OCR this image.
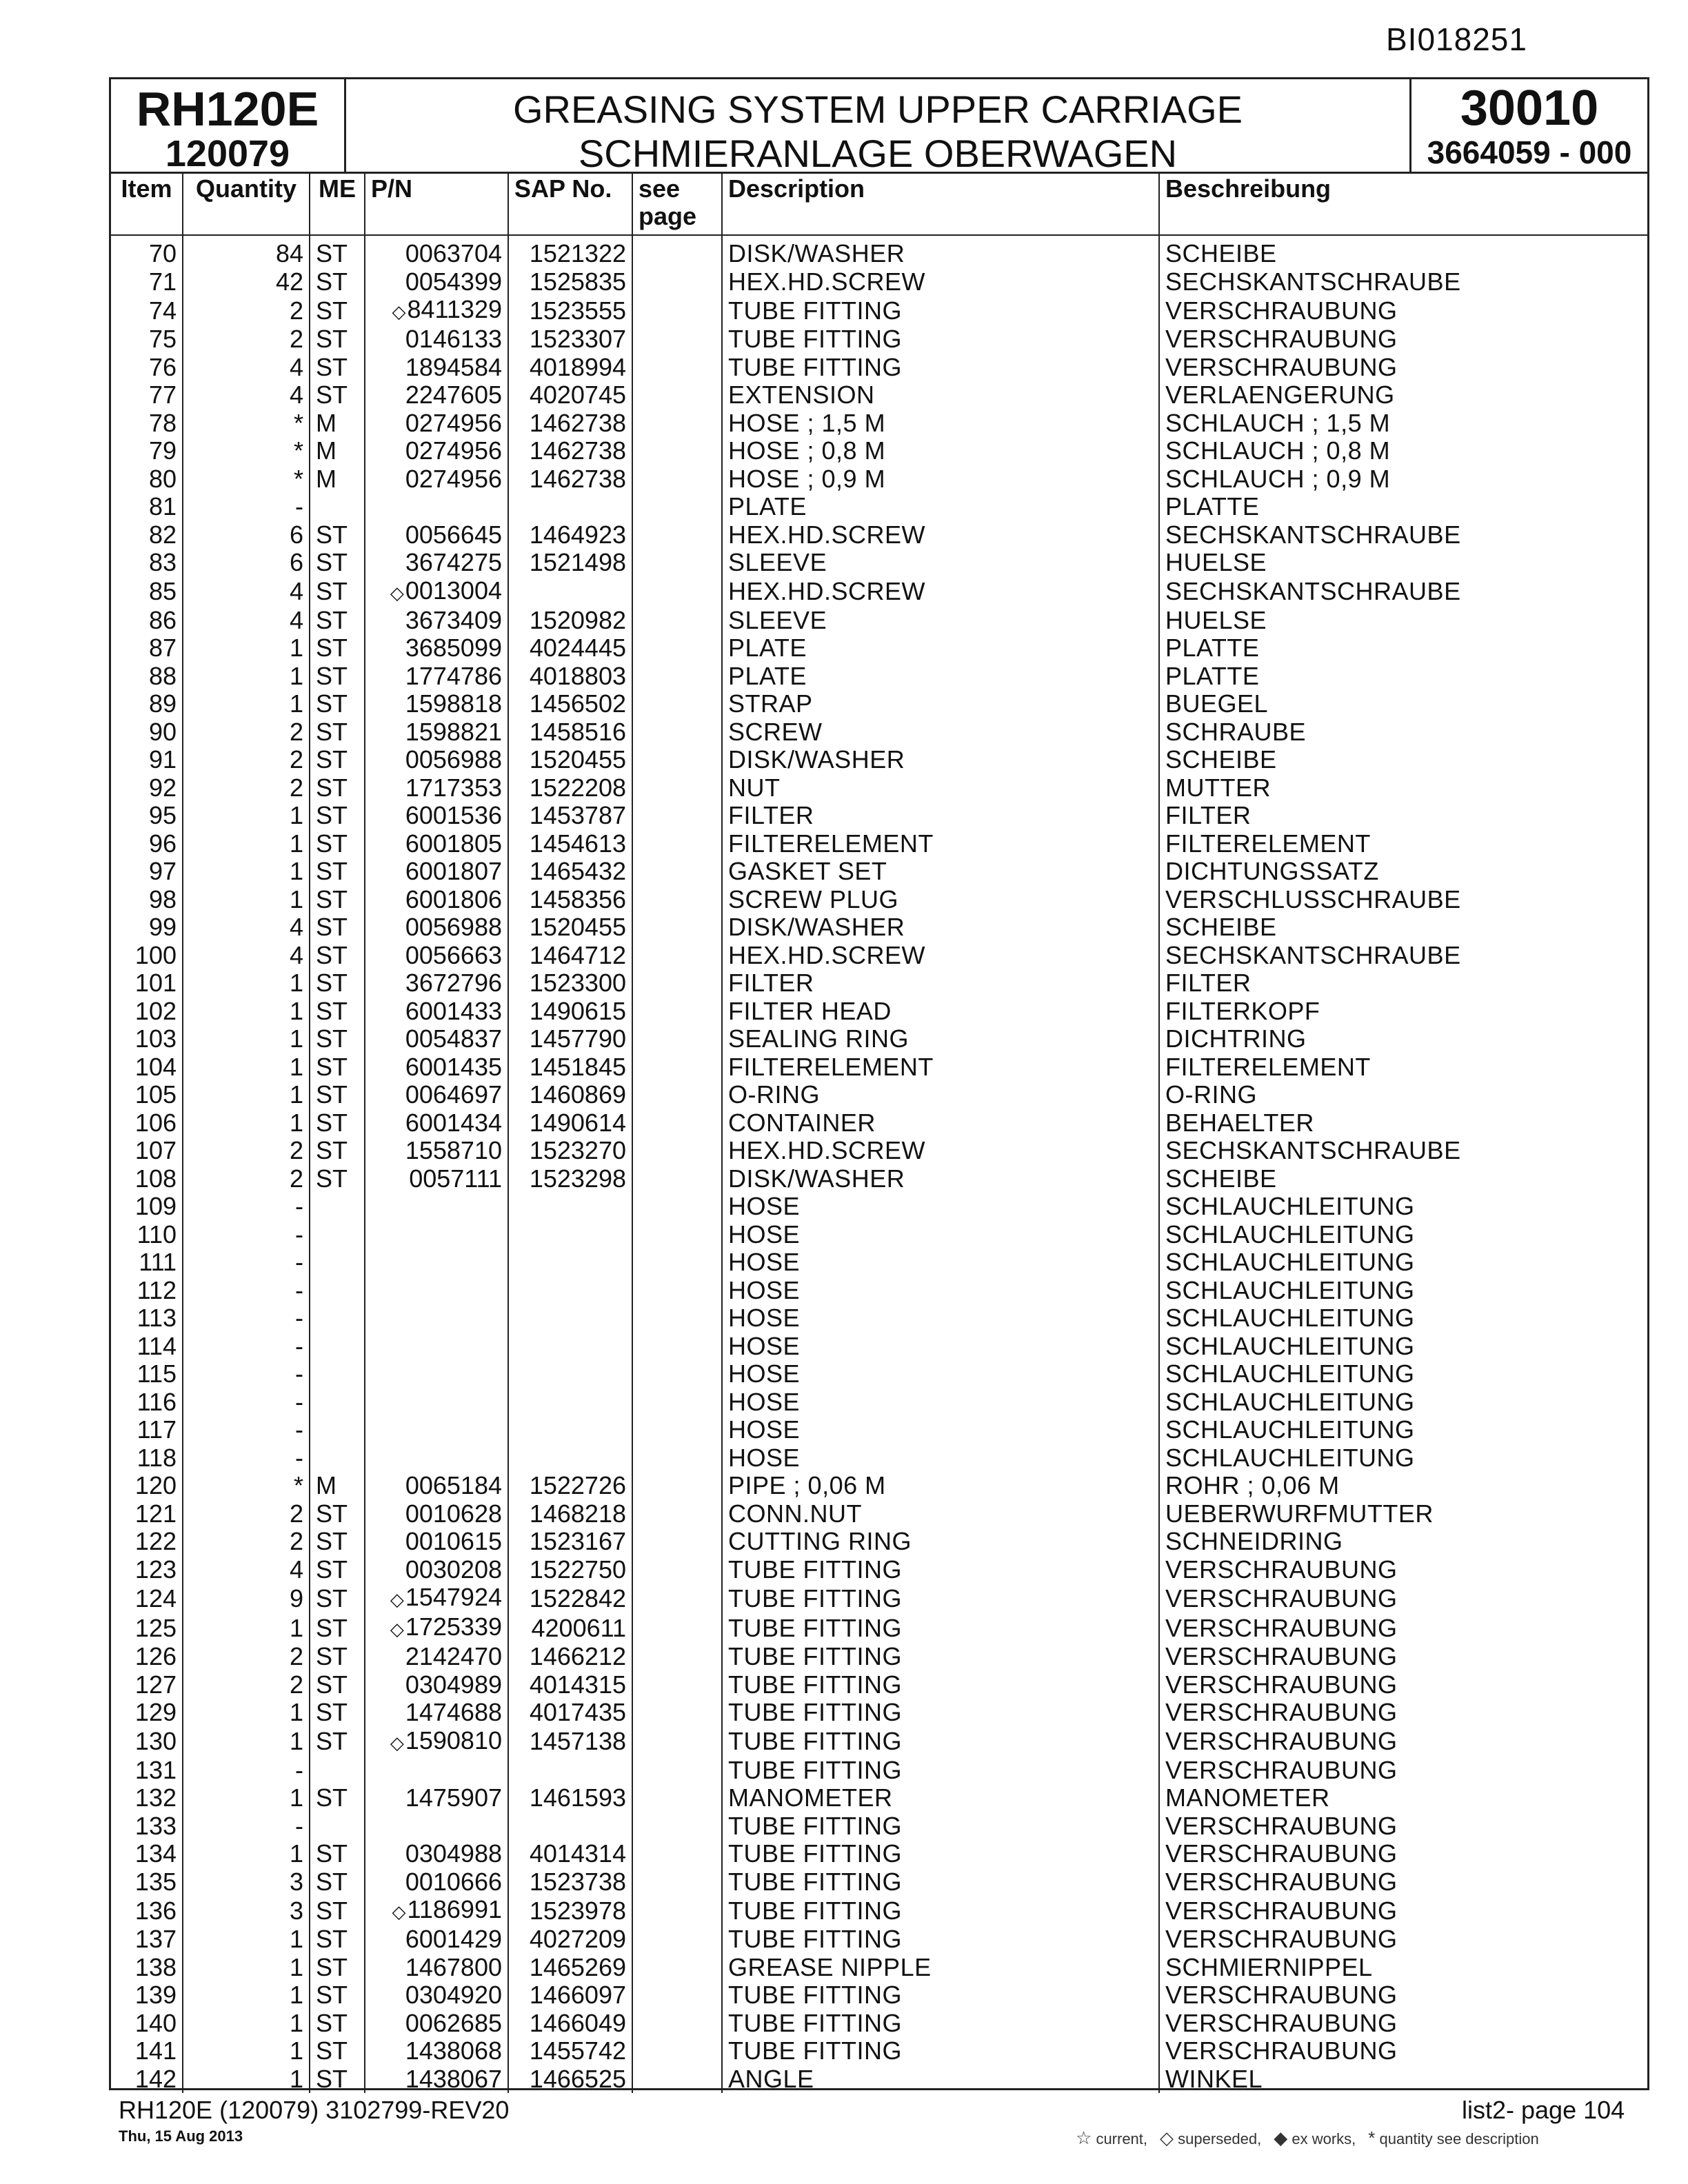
BI018251
RH120E
120079
GREASING SYSTEM UPPER CARRIAGE
SCHMIERANLAGE OBERWAGEN
30010
3664059 - 000
Item	Quantity	ME	P/N	SAP No.	see page	Description	Beschreibung
70	84	ST	0063704	1521322		DISK/WASHER	SCHEIBE
71	42	ST	0054399	1525835		HEX.HD.SCREW	SECHSKANTSCHRAUBE
74	2	ST	◇8411329	1523555		TUBE FITTING	VERSCHRAUBUNG
75	2	ST	0146133	1523307		TUBE FITTING	VERSCHRAUBUNG
76	4	ST	1894584	4018994		TUBE FITTING	VERSCHRAUBUNG
77	4	ST	2247605	4020745		EXTENSION	VERLAENGERUNG
78	*	M	0274956	1462738		HOSE ; 1,5 M	SCHLAUCH ; 1,5 M
79	*	M	0274956	1462738		HOSE ; 0,8 M	SCHLAUCH ; 0,8 M
80	*	M	0274956	1462738		HOSE ; 0,9 M	SCHLAUCH ; 0,9 M
81	-					PLATE	PLATTE
82	6	ST	0056645	1464923		HEX.HD.SCREW	SECHSKANTSCHRAUBE
83	6	ST	3674275	1521498		SLEEVE	HUELSE
85	4	ST	◇0013004			HEX.HD.SCREW	SECHSKANTSCHRAUBE
86	4	ST	3673409	1520982		SLEEVE	HUELSE
87	1	ST	3685099	4024445		PLATE	PLATTE
88	1	ST	1774786	4018803		PLATE	PLATTE
89	1	ST	1598818	1456502		STRAP	BUEGEL
90	2	ST	1598821	1458516		SCREW	SCHRAUBE
91	2	ST	0056988	1520455		DISK/WASHER	SCHEIBE
92	2	ST	1717353	1522208		NUT	MUTTER
95	1	ST	6001536	1453787		FILTER	FILTER
96	1	ST	6001805	1454613		FILTERELEMENT	FILTERELEMENT
97	1	ST	6001807	1465432		GASKET SET	DICHTUNGSSATZ
98	1	ST	6001806	1458356		SCREW PLUG	VERSCHLUSSCHRAUBE
99	4	ST	0056988	1520455		DISK/WASHER	SCHEIBE
100	4	ST	0056663	1464712		HEX.HD.SCREW	SECHSKANTSCHRAUBE
101	1	ST	3672796	1523300		FILTER	FILTER
102	1	ST	6001433	1490615		FILTER HEAD	FILTERKOPF
103	1	ST	0054837	1457790		SEALING RING	DICHTRING
104	1	ST	6001435	1451845		FILTERELEMENT	FILTERELEMENT
105	1	ST	0064697	1460869		O-RING	O-RING
106	1	ST	6001434	1490614		CONTAINER	BEHAELTER
107	2	ST	1558710	1523270		HEX.HD.SCREW	SECHSKANTSCHRAUBE
108	2	ST	0057111	1523298		DISK/WASHER	SCHEIBE
109	-					HOSE	SCHLAUCHLEITUNG
110	-					HOSE	SCHLAUCHLEITUNG
111	-					HOSE	SCHLAUCHLEITUNG
112	-					HOSE	SCHLAUCHLEITUNG
113	-					HOSE	SCHLAUCHLEITUNG
114	-					HOSE	SCHLAUCHLEITUNG
115	-					HOSE	SCHLAUCHLEITUNG
116	-					HOSE	SCHLAUCHLEITUNG
117	-					HOSE	SCHLAUCHLEITUNG
118	-					HOSE	SCHLAUCHLEITUNG
120	*	M	0065184	1522726		PIPE ; 0,06 M	ROHR ; 0,06 M
121	2	ST	0010628	1468218		CONN.NUT	UEBERWURFMUTTER
122	2	ST	0010615	1523167		CUTTING RING	SCHNEIDRING
123	4	ST	0030208	1522750		TUBE FITTING	VERSCHRAUBUNG
124	9	ST	◇1547924	1522842		TUBE FITTING	VERSCHRAUBUNG
125	1	ST	◇1725339	4200611		TUBE FITTING	VERSCHRAUBUNG
126	2	ST	2142470	1466212		TUBE FITTING	VERSCHRAUBUNG
127	2	ST	0304989	4014315		TUBE FITTING	VERSCHRAUBUNG
129	1	ST	1474688	4017435		TUBE FITTING	VERSCHRAUBUNG
130	1	ST	◇1590810	1457138		TUBE FITTING	VERSCHRAUBUNG
131	-					TUBE FITTING	VERSCHRAUBUNG
132	1	ST	1475907	1461593		MANOMETER	MANOMETER
133	-					TUBE FITTING	VERSCHRAUBUNG
134	1	ST	0304988	4014314		TUBE FITTING	VERSCHRAUBUNG
135	3	ST	0010666	1523738		TUBE FITTING	VERSCHRAUBUNG
136	3	ST	◇1186991	1523978		TUBE FITTING	VERSCHRAUBUNG
137	1	ST	6001429	4027209		TUBE FITTING	VERSCHRAUBUNG
138	1	ST	1467800	1465269		GREASE NIPPLE	SCHMIERNIPPEL
139	1	ST	0304920	1466097		TUBE FITTING	VERSCHRAUBUNG
140	1	ST	0062685	1466049		TUBE FITTING	VERSCHRAUBUNG
141	1	ST	1438068	1455742		TUBE FITTING	VERSCHRAUBUNG
142	1	ST	1438067	1466525		ANGLE	WINKEL
RH120E (120079) 3102799-REV20
Thu, 15 Aug 2013
list2- page 104
☆ current, ◇ superseded, ◆ ex works, * quantity see description
